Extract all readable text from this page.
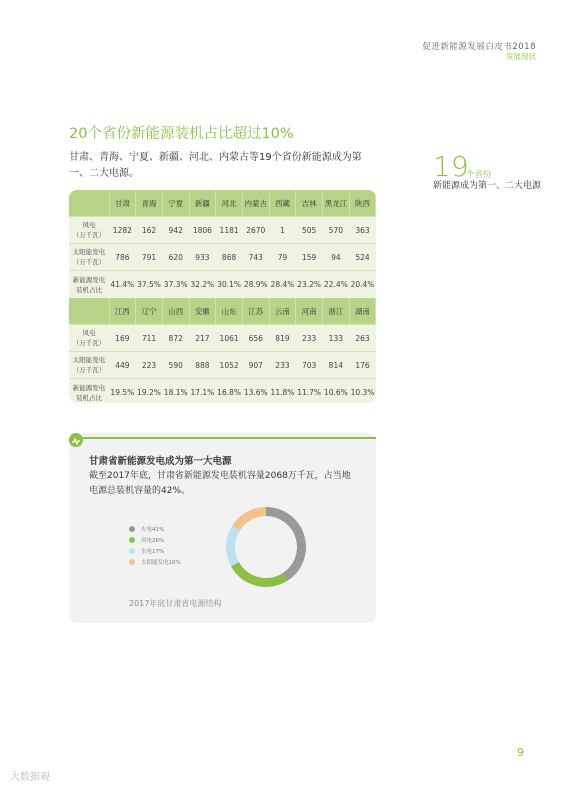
促进新能源发展白皮书2018
发展现状
20个省份新能源装机占比超过10%
甘肃、青海、宁夏、新疆、河北、内蒙古等19个省份新能源成为第一、二大电源。	19
个省份
新能源成为第一、二大电源
	甘肃	青海	宁夏	新疆	河北	内蒙古	西藏	吉林	黑龙江	陕西
风电
（万千瓦）	1282	162	942	1806	1181	2670	1	505	570	363
太阳能发电
（万千瓦）	786	791	620	933	868	743	79	159	94	524
新能源发电
装机占比	41.4%	37.5%	37.3%	32.2%	30.1%	28.9%	28.4%	23.2%	22.4%	20.4%
	江西	辽宁	山西	安徽	山东	江苏	云南	河南	浙江	湖南
风电
（万千瓦）	169	711	872	217	1061	656	819	233	133	263
太阳能发电
（万千瓦）	449	223	590	888	1052	907	233	703	814	176
新能源发电
装机占比	19.5%	19.2%	18.1%	17.1%	16.8%	13.6%	11.8%	11.7%	10.6%	10.3%
甘肃省新能源发电成为第一大电源
截至2017年底，甘肃省新能源发电装机容量2068万千瓦，占当地电源总装机容量的42%。
火电41%
风电26%
水电17%
太阳能发电16%
2017年底甘肃省电源结构
9
大数据观
